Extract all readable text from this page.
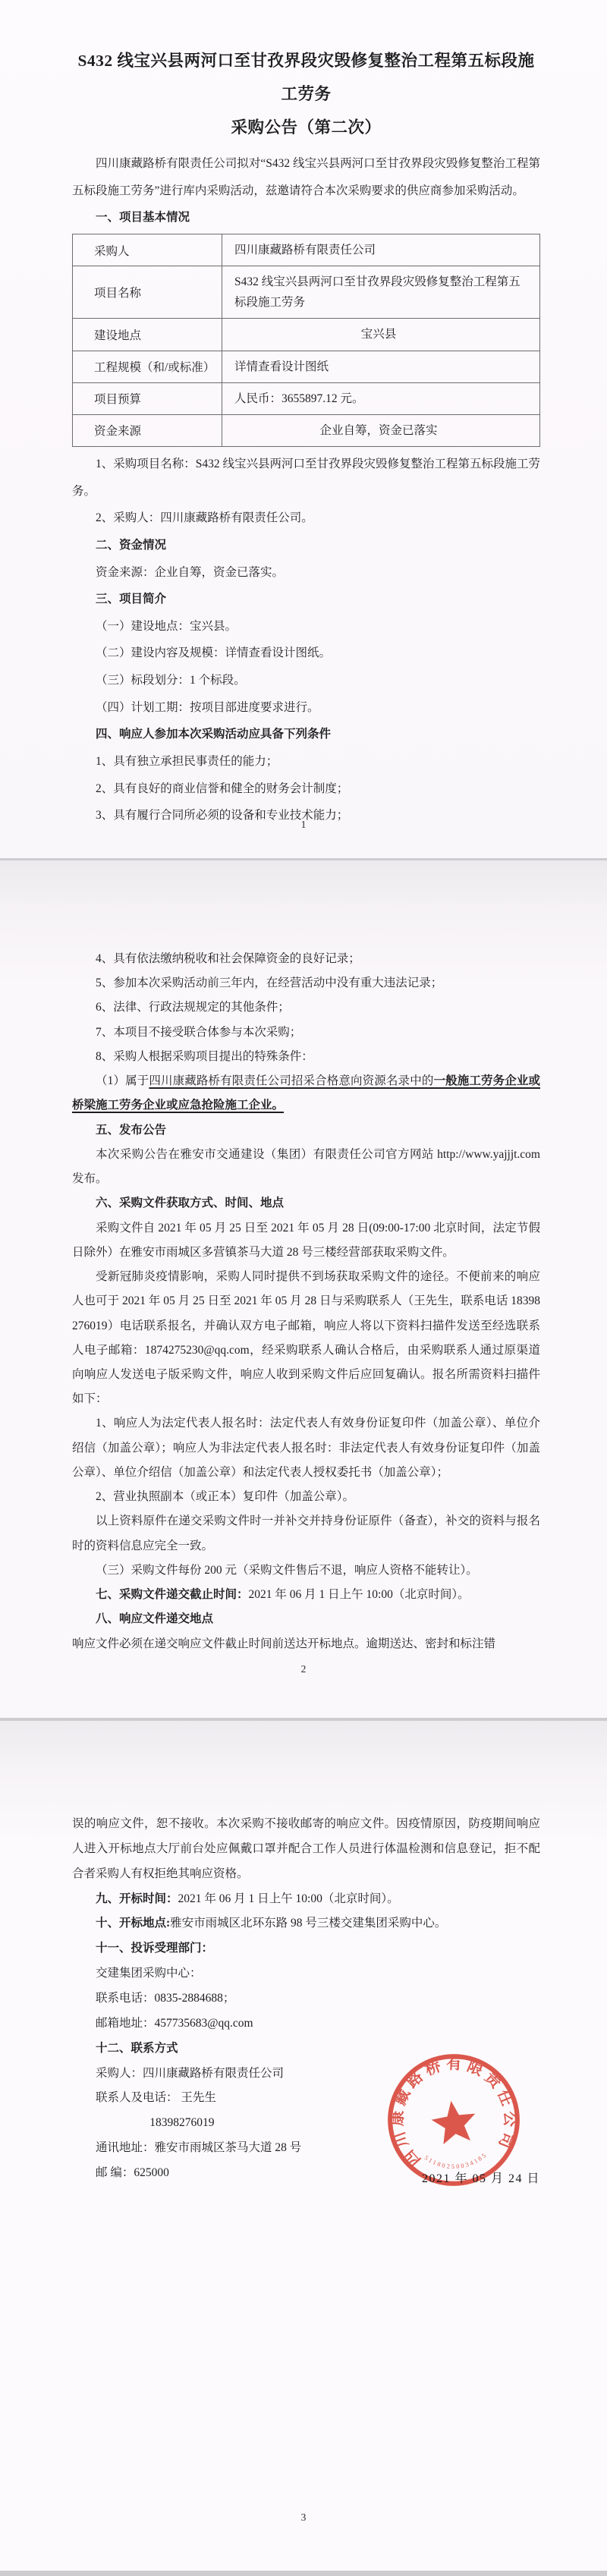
S432 线宝兴县两河口至甘孜界段灾毁修复整治工程第五标段施工劳务
采购公告（第二次）

四川康藏路桥有限责任公司拟对“S432 线宝兴县两河口至甘孜界段灾毁修复整治工程第五标段施工劳务”进行库内采购活动，兹邀请符合本次采购要求的供应商参加采购活动。

一、项目基本情况

采购人	四川康藏路桥有限责任公司
项目名称	S432 线宝兴县两河口至甘孜界段灾毁修复整治工程第五标段施工劳务
建设地点	宝兴县
工程规模（和/或标准）	详情查看设计图纸
项目预算	人民币：3655897.12 元。
资金来源	企业自筹，资金已落实

1、采购项目名称：S432 线宝兴县两河口至甘孜界段灾毁修复整治工程第五标段施工劳务。

2、采购人：四川康藏路桥有限责任公司。

二、资金情况

资金来源：企业自筹，资金已落实。

三、项目简介

（一）建设地点：宝兴县。

（二）建设内容及规模：详情查看设计图纸。

（三）标段划分：1 个标段。

（四）计划工期：按项目部进度要求进行。

四、响应人参加本次采购活动应具备下列条件

1、具有独立承担民事责任的能力；

2、具有良好的商业信誉和健全的财务会计制度；

3、具有履行合同所必须的设备和专业技术能力；

1

4、具有依法缴纳税收和社会保障资金的良好记录；

5、参加本次采购活动前三年内，在经营活动中没有重大违法记录；

6、法律、行政法规规定的其他条件；

7、本项目不接受联合体参与本次采购；

8、采购人根据采购项目提出的特殊条件：

（1）属于四川康藏路桥有限责任公司招采合格意向资源名录中的一般施工劳务企业或桥梁施工劳务企业或应急抢险施工企业。

五、发布公告

本次采购公告在雅安市交通建设（集团）有限责任公司官方网站 http://www.yajjjt.com 发布。

六、采购文件获取方式、时间、地点

采购文件自 2021 年 05 月 25 日至 2021 年 05 月 28 日(09:00-17:00 北京时间，法定节假日除外）在雅安市雨城区多营镇茶马大道 28 号三楼经营部获取采购文件。

受新冠肺炎疫情影响，采购人同时提供不到场获取采购文件的途径。不便前来的响应人也可于 2021 年 05 月 25 日至 2021 年 05 月 28 日与采购联系人（王先生，联系电话 18398276019）电话联系报名，并确认双方电子邮箱，响应人将以下资料扫描件发送至经选联系人电子邮箱：1874275230@qq.com，经采购联系人确认合格后，由采购联系人通过原渠道向响应人发送电子版采购文件，响应人收到采购文件后应回复确认。报名所需资料扫描件如下：

1、响应人为法定代表人报名时：法定代表人有效身份证复印件（加盖公章）、单位介绍信（加盖公章）；响应人为非法定代表人报名时：非法定代表人有效身份证复印件（加盖公章）、单位介绍信（加盖公章）和法定代表人授权委托书（加盖公章）；

2、营业执照副本（或正本）复印件（加盖公章）。

以上资料原件在递交采购文件时一并补交并持身份证原件（备查），补交的资料与报名时的资料信息应完全一致。

（三）采购文件每份 200 元（采购文件售后不退，响应人资格不能转让）。

七、采购文件递交截止时间：2021 年 06 月 1 日上午 10:00（北京时间）。

八、响应文件递交地点

响应文件必须在递交响应文件截止时间前送达开标地点。逾期送达、密封和标注错

2

误的响应文件，恕不接收。本次采购不接收邮寄的响应文件。因疫情原因，防疫期间响应人进入开标地点大厅前台处应佩戴口罩并配合工作人员进行体温检测和信息登记，拒不配合者采购人有权拒绝其响应资格。

九、开标时间：2021 年 06 月 1 日上午 10:00（北京时间）。

十、开标地点:雅安市雨城区北环东路 98 号三楼交建集团采购中心。

十一、投诉受理部门：

交建集团采购中心：

联系电话：0835-2884688；

邮箱地址：457735683@qq.com

十二、联系方式

采购人：四川康藏路桥有限责任公司

联系人及电话： 王先生

18398276019

通讯地址：雅安市雨城区茶马大道 28 号

邮 编：625000

四川康藏路桥有限责任公司
51180250034185
2021 年 05 月 24 日
3
